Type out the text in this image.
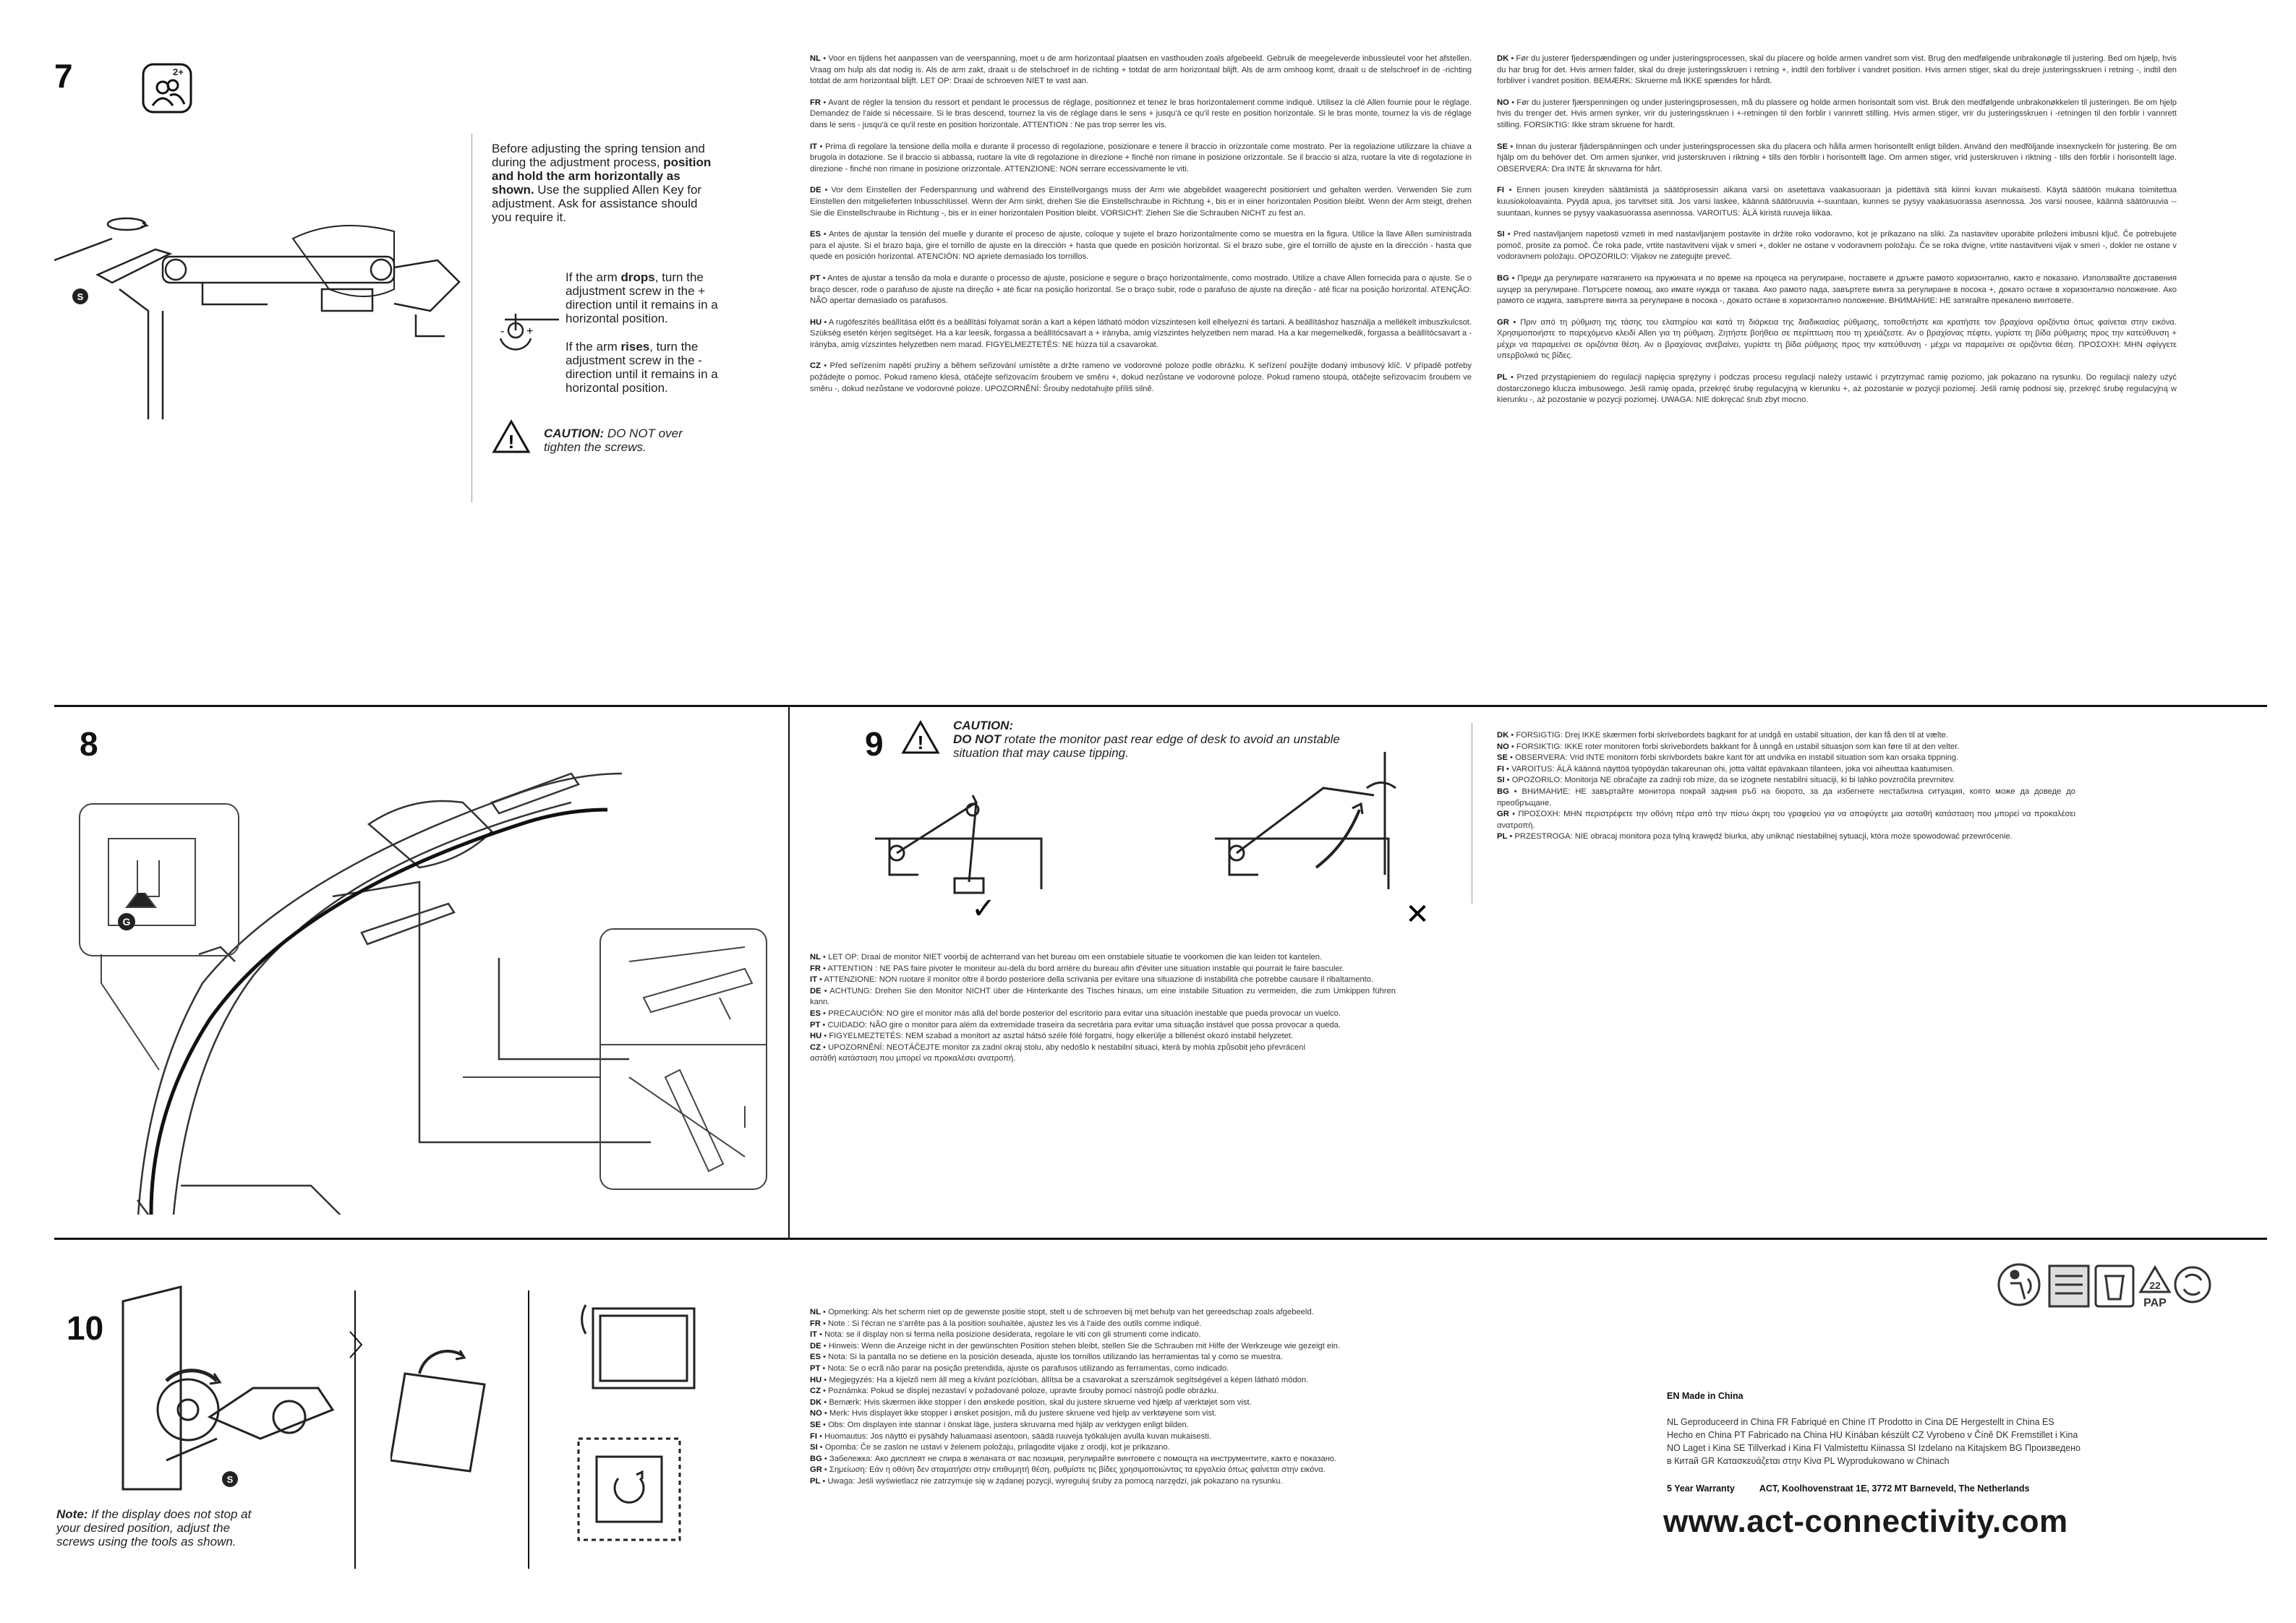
7	2+
S
Before adjusting the spring tension and during the adjustment process, position and hold the arm horizontally as shown. Use the supplied Allen Key for adjustment. Ask for assistance should you require it.
If the arm drops, turn the adjustment screw in the + direction until it remains in a horizontal position.
- +
If the arm rises, turn the adjustment screw in the - direction until it remains in a horizontal position.
! CAUTION: DO NOT over tighten the screws.

NL • Voor en tijdens het aanpassen van de veerspanning, moet u de arm horizontaal plaatsen en vasthouden zoals afgebeeld. Gebruik de meegeleverde inbussleutel voor het afstellen. Vraag om hulp als dat nodig is. Als de arm zakt, draait u de stelschroef in de richting + totdat de arm horizontaal blijft. Als de arm omhoog komt, draait u de stelschroef in de -richting totdat de arm horizontaal blijft. LET OP: Draai de schroeven NIET te vast aan.

FR • Avant de régler la tension du ressort et pendant le processus de réglage, positionnez et tenez le bras horizontalement comme indiqué. Utilisez la clé Allen fournie pour le réglage. Demandez de l'aide si nécessaire. Si le bras descend, tournez la vis de réglage dans le sens + jusqu'à ce qu'il reste en position horizontale. Si le bras monte, tournez la vis de réglage dans le sens - jusqu'à ce qu'il reste en position horizontale. ATTENTION : Ne pas trop serrer les vis.

IT • Prima di regolare la tensione della molla e durante il processo di regolazione, posizionare e tenere il braccio in orizzontale come mostrato. Per la regolazione utilizzare la chiave a brugola in dotazione. Se il braccio si abbassa, ruotare la vite di regolazione in direzione + finché non rimane in posizione orizzontale. Se il braccio si alza, ruotare la vite di regolazione in direzione - finché non rimane in posizione orizzontale. ATTENZIONE: NON serrare eccessivamente le viti.

DE • Vor dem Einstellen der Federspannung und während des Einstellvorgangs muss der Arm wie abgebildet waagerecht positioniert und gehalten werden. Verwenden Sie zum Einstellen den mitgelieferten Inbusschlüssel. Wenn der Arm sinkt, drehen Sie die Einstellschraube in Richtung +, bis er in einer horizontalen Position bleibt. Wenn der Arm steigt, drehen Sie die Einstellschraube in Richtung -, bis er in einer horizontalen Position bleibt. VORSICHT: Ziehen Sie die Schrauben NICHT zu fest an.

ES • Antes de ajustar la tensión del muelle y durante el proceso de ajuste, coloque y sujete el brazo horizontalmente como se muestra en la figura. Utilice la llave Allen suministrada para el ajuste. Si el brazo baja, gire el tornillo de ajuste en la dirección + hasta que quede en posición horizontal. Si el brazo sube, gire el tornillo de ajuste en la dirección - hasta que quede en posición horizontal. ATENCIÓN: NO apriete demasiado los tornillos.

PT • Antes de ajustar a tensão da mola e durante o processo de ajuste, posicione e segure o braço horizontalmente, como mostrado. Utilize a chave Allen fornecida para o ajuste. Se o braço descer, rode o parafuso de ajuste na direção + até ficar na posição horizontal. Se o braço subir, rode o parafuso de ajuste na direção - até ficar na posição horizontal. ATENÇÃO: NÃO apertar demasiado os parafusos.

HU • A rugófeszítés beállítása előtt és a beállítási folyamat során a kart a képen látható módon vízszintesen kell elhelyezni és tartani. A beállításhoz használja a mellékelt imbuszkulcsot. Szükség esetén kérjen segítséget. Ha a kar leesik, forgassa a beállítócsavart a + irányba, amíg vízszintes helyzetben nem marad. Ha a kar megemelkedik, forgassa a beállítócsavart a - irányba, amíg vízszintes helyzetben nem marad. FIGYELMEZTETÉS: NE húzza túl a csavarokat.

CZ • Před seřízením napětí pružiny a během seřizování umístěte a držte rameno ve vodorovné poloze podle obrázku. K seřízení použijte dodaný imbusový klíč. V případě potřeby požádejte o pomoc. Pokud rameno klesá, otáčejte seřizovacím šroubem ve směru +, dokud nezůstane ve vodorovné poloze. Pokud rameno stoupá, otáčejte seřizovacím šroubem ve směru -, dokud nezůstane ve vodorovné poloze. UPOZORNĚNÍ: Šrouby nedotahujte příliš silně.

DK • Før du justerer fjederspændingen og under justeringsprocessen, skal du placere og holde armen vandret som vist. Brug den medfølgende unbrakonøgle til justering. Bed om hjælp, hvis du har brug for det. Hvis armen falder, skal du dreje justeringsskruen i retning +, indtil den forbliver i vandret position. Hvis armen stiger, skal du dreje justeringsskruen i retning -, indtil den forbliver i vandret position. BEMÆRK: Skruerne må IKKE spændes for hårdt.

NO • Før du justerer fjærspenningen og under justeringsprosessen, må du plassere og holde armen horisontalt som vist. Bruk den medfølgende unbrakonøkkelen til justeringen. Be om hjelp hvis du trenger det. Hvis armen synker, vrir du justeringsskruen i +-retningen til den forblir i vannrett stilling. Hvis armen stiger, vrir du justeringsskruen i -retningen til den forblir i vannrett stilling. FORSIKTIG: Ikke stram skruene for hardt.

SE • Innan du justerar fjäderspänningen och under justeringsprocessen ska du placera och hålla armen horisontellt enligt bilden. Använd den medföljande insexnyckeln för justering. Be om hjälp om du behöver det. Om armen sjunker, vrid justerskruven i riktning + tills den förblir i horisontellt läge. Om armen stiger, vrid justerskruven i riktning - tills den förblir i horisontellt läge. OBSERVERA: Dra INTE åt skruvarna för hårt.

FI • Ennen jousen kireyden säätämistä ja säätöprosessin aikana varsi on asetettava vaakasuoraan ja pidettävä sitä kiinni kuvan mukaisesti. Käytä säätöön mukana toimitettua kuusiokoloavainta. Pyydä apua, jos tarvitset sitä. Jos varsi laskee, käännä säätöruuvia +-suuntaan, kunnes se pysyy vaakasuorassa asennossa. Jos varsi nousee, käännä säätöruuvia --suuntaan, kunnes se pysyy vaakasuorassa asennossa. VAROITUS: ÄLÄ kiristä ruuveja liikaa.

SI • Pred nastavljanjem napetosti vzmeti in med nastavljanjem postavite in držite roko vodoravno, kot je prikazano na sliki. Za nastavitev uporabite priloženi imbusni ključ. Če potrebujete pomoč, prosite za pomoč. Če roka pade, vrtite nastavitveni vijak v smeri +, dokler ne ostane v vodoravnem položaju. Če se roka dvigne, vrtite nastavitveni vijak v smeri -, dokler ne ostane v vodoravnem položaju. OPOZORILO: Vijakov ne zategujte preveč.

BG • Преди да регулирате натягането на пружината и по време на процеса на регулиране, поставете и дръжте рамото хоризонтално, както е показано. Използвайте доставения шуцер за регулиране. Потърсете помощ, ако имате нужда от такава. Ако рамото пада, завъртете винта за регулиране в посока +, докато остане в хоризонтално положение. Ако рамото се издига, завъртете винта за регулиране в посока -, докато остане в хоризонтално положение. ВНИМАНИЕ: НЕ затягайте прекалено винтовете.

GR • Πριν από τη ρύθμιση της τάσης του ελατηρίου και κατά τη διάρκεια της διαδικασίας ρύθμισης, τοποθετήστε και κρατήστε τον βραχίονα οριζόντια όπως φαίνεται στην εικόνα. Χρησιμοποιήστε το παρεχόμενο κλειδί Allen για τη ρύθμιση. Ζητήστε βοήθεια σε περίπτωση που τη χρειάζεστε. Αν ο βραχίονας πέφτει, γυρίστε τη βίδα ρύθμισης προς την κατεύθυνση + μέχρι να παραμείνει σε οριζόντια θέση. Αν ο βραχίονας ανεβαίνει, γυρίστε τη βίδα ρύθμισης προς την κατεύθυνση - μέχρι να παραμείνει σε οριζόντια θέση. ΠΡΟΣΟΧΗ: ΜΗΝ σφίγγετε υπερβολικά τις βίδες.

PL • Przed przystąpieniem do regulacji napięcia sprężyny i podczas procesu regulacji należy ustawić i przytrzymać ramię poziomo, jak pokazano na rysunku. Do regulacji należy użyć dostarczonego klucza imbusowego. Jeśli ramię opada, przekręć śrubę regulacyjną w kierunku +, aż pozostanie w pozycji poziomej. Jeśli ramię podnosi się, przekręć śrubę regulacyjną w kierunku -, aż pozostanie w pozycji poziomej. UWAGA: NIE dokręcać śrub zbyt mocno.

8
G
9 !
CAUTION:
DO NOT rotate the monitor past rear edge of desk to avoid an unstable situation that may cause tipping.
✓	✕

NL • LET OP: Draai de monitor NIET voorbij de achterrand van het bureau om een onstabiele situatie te voorkomen die kan leiden tot kantelen.

FR • ATTENTION : NE PAS faire pivoter le moniteur au-delà du bord arrière du bureau afin d'éviter une situation instable qui pourrait le faire basculer.

IT • ATTENZIONE: NON ruotare il monitor oltre il bordo posteriore della scrivania per evitare una situazione di instabilità che potrebbe causare il ribaltamento.

DE • ACHTUNG: Drehen Sie den Monitor NICHT über die Hinterkante des Tisches hinaus, um eine instabile Situation zu vermeiden, die zum Umkippen führen kann.

ES • PRECAUCIÓN: NO gire el monitor más allá del borde posterior del escritorio para evitar una situación inestable que pueda provocar un vuelco.

PT • CUIDADO: NÃO gire o monitor para além da extremidade traseira da secretária para evitar uma situação instável que possa provocar a queda.

HU • FIGYELMEZTETÉS: NEM szabad a monitort az asztal hátsó széle fölé forgatni, hogy elkerülje a billenést okozó instabil helyzetet.

CZ • UPOZORNĚNÍ: NEOTÁČEJTE monitor za zadní okraj stolu, aby nedošlo k nestabilní situaci, která by mohla způsobit jeho převrácení

αστάθή κατάσταση που μπορεί να προκαλέσει ανατροπή.

DK • FORSIGTIG: Drej IKKE skærmen forbi skrivebordets bagkant for at undgå en ustabil situation, der kan få den til at vælte.

NO • FORSIKTIG: IKKE roter monitoren forbi skrivebordets bakkant for å unngå en ustabil situasjon som kan føre til at den velter.

SE • OBSERVERA: Vrid INTE monitorn förbi skrivbordets bakre kant för att undvika en instabil situation som kan orsaka tippning.

FI • VAROITUS: ÄLÄ käännä näyttöä työpöydän takareunan ohi, jotta vältät epävakaan tilanteen, joka voi aiheuttaa kaatumisen.

SI • OPOZORILO: Monitorja NE obračajte za zadnji rob mize, da se izognete nestabilni situaciji, ki bi lahko povzročila prevrnitev.

BG • ВНИМАНИЕ: НЕ завъртайте монитора покрай задния ръб на бюрото, за да избегнете нестабилна ситуация, която може да доведе до преобръщане.

GR • ΠΡΟΣΟΧΗ: ΜΗΝ περιστρέφετε την οθόνη πέρα από την πίσω άκρη του γραφείου για να αποφύγετε μια ασταθή κατάσταση που μπορεί να προκαλέσει ανατροπή.

PL • PRZESTROGA: NIE obracaj monitora poza tylną krawędź biurka, aby uniknąć niestabilnej sytuacji, która może spowodować przewrócenie.

10
S
Note: If the display does not stop at your desired position, adjust the screws using the tools as shown.

NL • Opmerking: Als het scherm niet op de gewenste positie stopt, stelt u de schroeven bij met behulp van het gereedschap zoals afgebeeld.

FR • Note : Si l'écran ne s'arrête pas à la position souhaitée, ajustez les vis à l'aide des outils comme indiqué.

IT • Nota: se il display non si ferma nella posizione desiderata, regolare le viti con gli strumenti come indicato.

DE • Hinweis: Wenn die Anzeige nicht in der gewünschten Position stehen bleibt, stellen Sie die Schrauben mit Hilfe der Werkzeuge wie gezeigt ein.

ES • Nota: Si la pantalla no se detiene en la posición deseada, ajuste los tornillos utilizando las herramientas tal y como se muestra.

PT • Nota: Se o ecrã não parar na posição pretendida, ajuste os parafusos utilizando as ferramentas, como indicado.

HU • Megjegyzés: Ha a kijelző nem áll meg a kívánt pozícióban, állítsa be a csavarokat a szerszámok segítségével a képen látható módon.

CZ • Poznámka: Pokud se displej nezastaví v požadované poloze, upravte šrouby pomocí nástrojů podle obrázku.

DK • Bemærk: Hvis skærmen ikke stopper i den ønskede position, skal du justere skruerne ved hjælp af værktøjet som vist.

NO • Merk: Hvis displayet ikke stopper i ønsket posisjon, må du justere skruene ved hjelp av verktøyene som vist.

SE • Obs: Om displayen inte stannar i önskat läge, justera skruvarna med hjälp av verktygen enligt bilden.

FI • Huomautus: Jos näyttö ei pysähdy haluamaasi asentoon, säädä ruuveja työkalujen avulla kuvan mukaisesti.

SI • Opomba: Če se zaslon ne ustavi v želenem položaju, prilagodite vijake z orodji, kot je prikazano.

BG • Забележка: Ако дисплеят не спира в желаната от вас позиция, регулирайте винтовете с помощта на инструментите, както е показано.

GR • Σημείωση: Εάν η οθόνη δεν σταματήσει στην επιθυμητή θέση, ρυθμίστε τις βίδες χρησιμοποιώντας τα εργαλεία όπως φαίνεται στην εικόνα.

PL • Uwaga: Jeśli wyświetlacz nie zatrzymuje się w żądanej pozycji, wyreguluj śruby za pomocą narzędzi, jak pokazano na rysunku.

22
PAP
EN Made in China
NL Geproduceerd in China FR Fabriqué en Chine IT Prodotto in Cina DE Hergestellt in China ES
Hecho en China PT Fabricado na China HU Kínában készült CZ Vyrobeno v Číně DK Fremstillet i Kina
NO Laget i Kina SE Tillverkad i Kina FI Valmistettu Kiinassa SI Izdelano na Kitajskem BG Произведено
в Китай GR Κατασκευάζεται στην Κίνα PL Wyprodukowano w Chinach
5 Year Warranty	ACT, Koolhovenstraat 1E, 3772 MT Barneveld, The Netherlands
www.act-connectivity.com
